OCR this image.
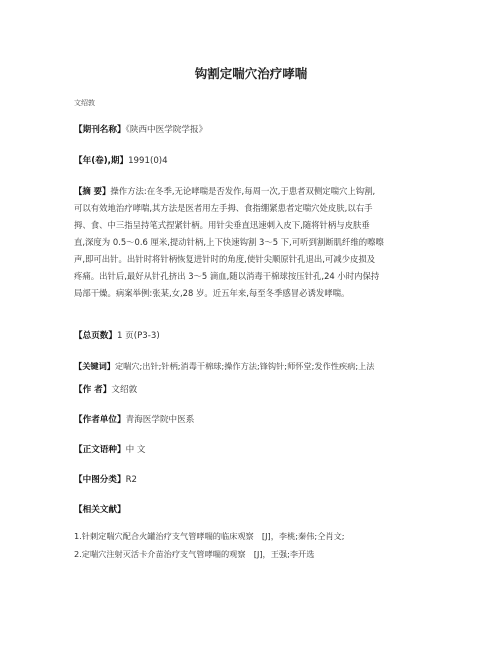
钩割定喘穴治疗哮喘
文绍敦
【期刊名称】《陕西中医学院学报》
【年(卷),期】1991(0)4
【摘 要】操作方法:在冬季,无论哮喘是否发作,每周一次,于患者双侧定喘穴上钩割,
可以有效地治疗哮喘,其方法是医者用左手拇、食指绷紧患者定喘穴处皮肤,以右手
拇、食、中三指呈持笔式捏紧针柄。用针尖垂直迅速刺入皮下,随将针柄与皮肤垂
直,深度为 0.5～0.6 厘米,提动针柄,上下快速钩割 3～5 下,可听到割断肌纤维的嚓嚓
声,即可出针。出针时将针柄恢复进针时的角度,使针尖顺原针孔退出,可减少皮损及
疼痛。出针后,最好从针孔挤出 3～5 滴血,随以消毒干棉球按压针孔,24 小时内保持
局部干燥。病案举例:张某,女,28 岁。近五年来,每至冬季感冒必诱发哮喘。
【总页数】1 页(P3-3)
【关键词】定喘穴;出针;针柄;消毒干棉球;操作方法;锋钩针;师怀堂;发作性疾病;上法
【作 者】文绍敦
【作者单位】青海医学院中医系
【正文语种】中 文
【中图分类】R2
【相关文献】
1.针刺定喘穴配合火罐治疗支气管哮喘的临床观察　[J]，李桃;秦伟;仝肖文;
2.定喘穴注射灭活卡介苗治疗支气管哮喘的观察　[J]，王强;李开选
